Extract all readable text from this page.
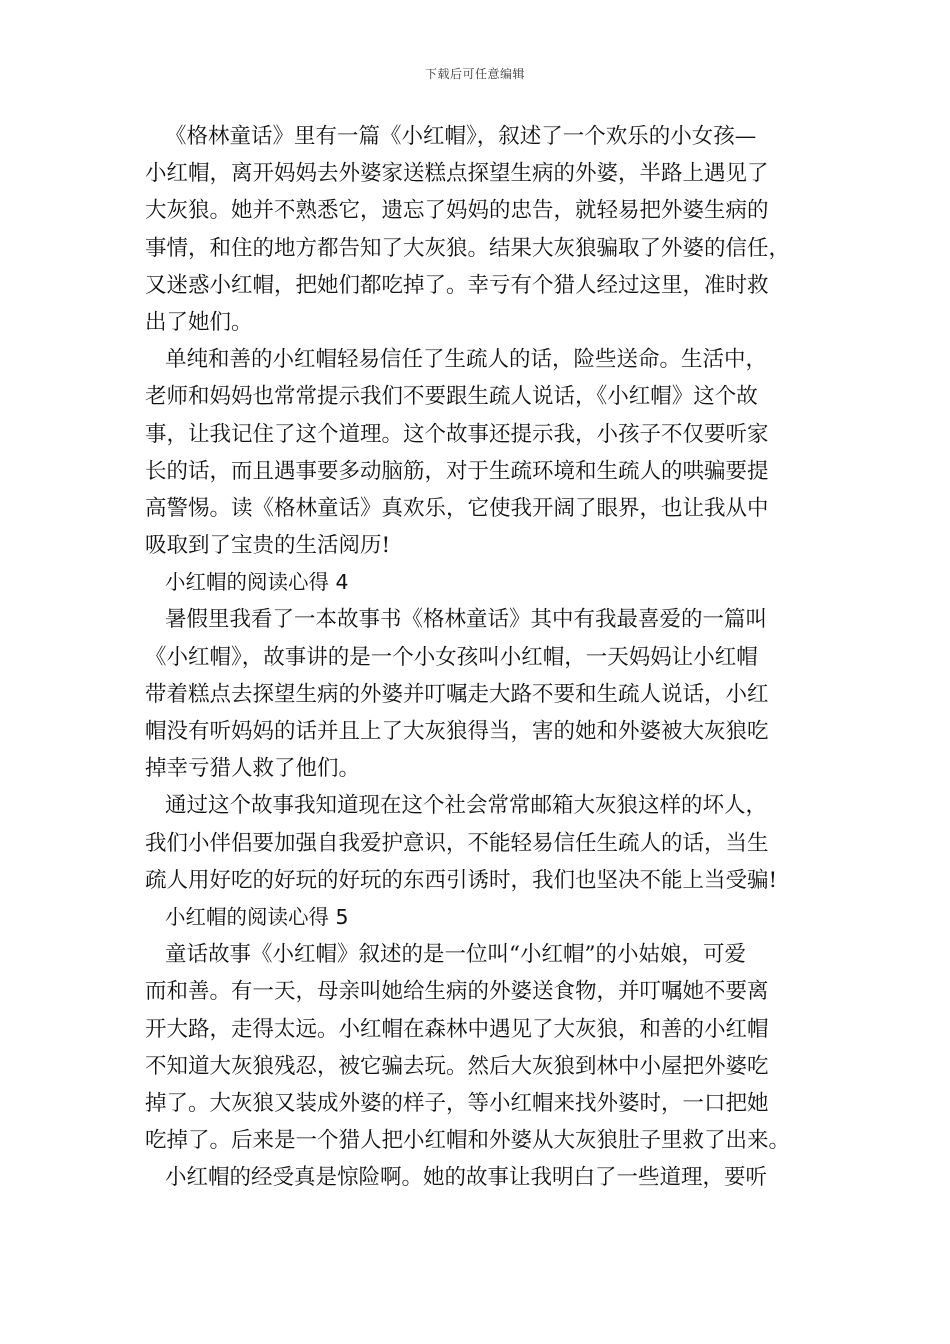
下载后可任意编辑
《格林童话》里有一篇《小红帽》，叙述了一个欢乐的小女孩—
小红帽，离开妈妈去外婆家送糕点探望生病的外婆，半路上遇见了
大灰狼。她并不熟悉它，遗忘了妈妈的忠告，就轻易把外婆生病的
事情，和住的地方都告知了大灰狼。结果大灰狼骗取了外婆的信任，
又迷惑小红帽，把她们都吃掉了。幸亏有个猎人经过这里，准时救
出了她们。
单纯和善的小红帽轻易信任了生疏人的话，险些送命。生活中，
老师和妈妈也常常提示我们不要跟生疏人说话，《小红帽》这个故
事，让我记住了这个道理。这个故事还提示我，小孩子不仅要听家
长的话，而且遇事要多动脑筋，对于生疏环境和生疏人的哄骗要提
高警惕。读《格林童话》真欢乐，它使我开阔了眼界，也让我从中
吸取到了宝贵的生活阅历!
小红帽的阅读心得 4
暑假里我看了一本故事书《格林童话》其中有我最喜爱的一篇叫
《小红帽》，故事讲的是一个小女孩叫小红帽，一天妈妈让小红帽
带着糕点去探望生病的外婆并叮嘱走大路不要和生疏人说话，小红
帽没有听妈妈的话并且上了大灰狼得当，害的她和外婆被大灰狼吃
掉幸亏猎人救了他们。
通过这个故事我知道现在这个社会常常邮箱大灰狼这样的坏人，
我们小伴侣要加强自我爱护意识，不能轻易信任生疏人的话，当生
疏人用好吃的好玩的好玩的东西引诱时，我们也坚决不能上当受骗!
小红帽的阅读心得 5
童话故事《小红帽》叙述的是一位叫“小红帽”的小姑娘，可爱
而和善。有一天，母亲叫她给生病的外婆送食物，并叮嘱她不要离
开大路，走得太远。小红帽在森林中遇见了大灰狼，和善的小红帽
不知道大灰狼残忍，被它骗去玩。然后大灰狼到林中小屋把外婆吃
掉了。大灰狼又装成外婆的样子，等小红帽来找外婆时，一口把她
吃掉了。后来是一个猎人把小红帽和外婆从大灰狼肚子里救了出来。
小红帽的经受真是惊险啊。她的故事让我明白了一些道理，要听
